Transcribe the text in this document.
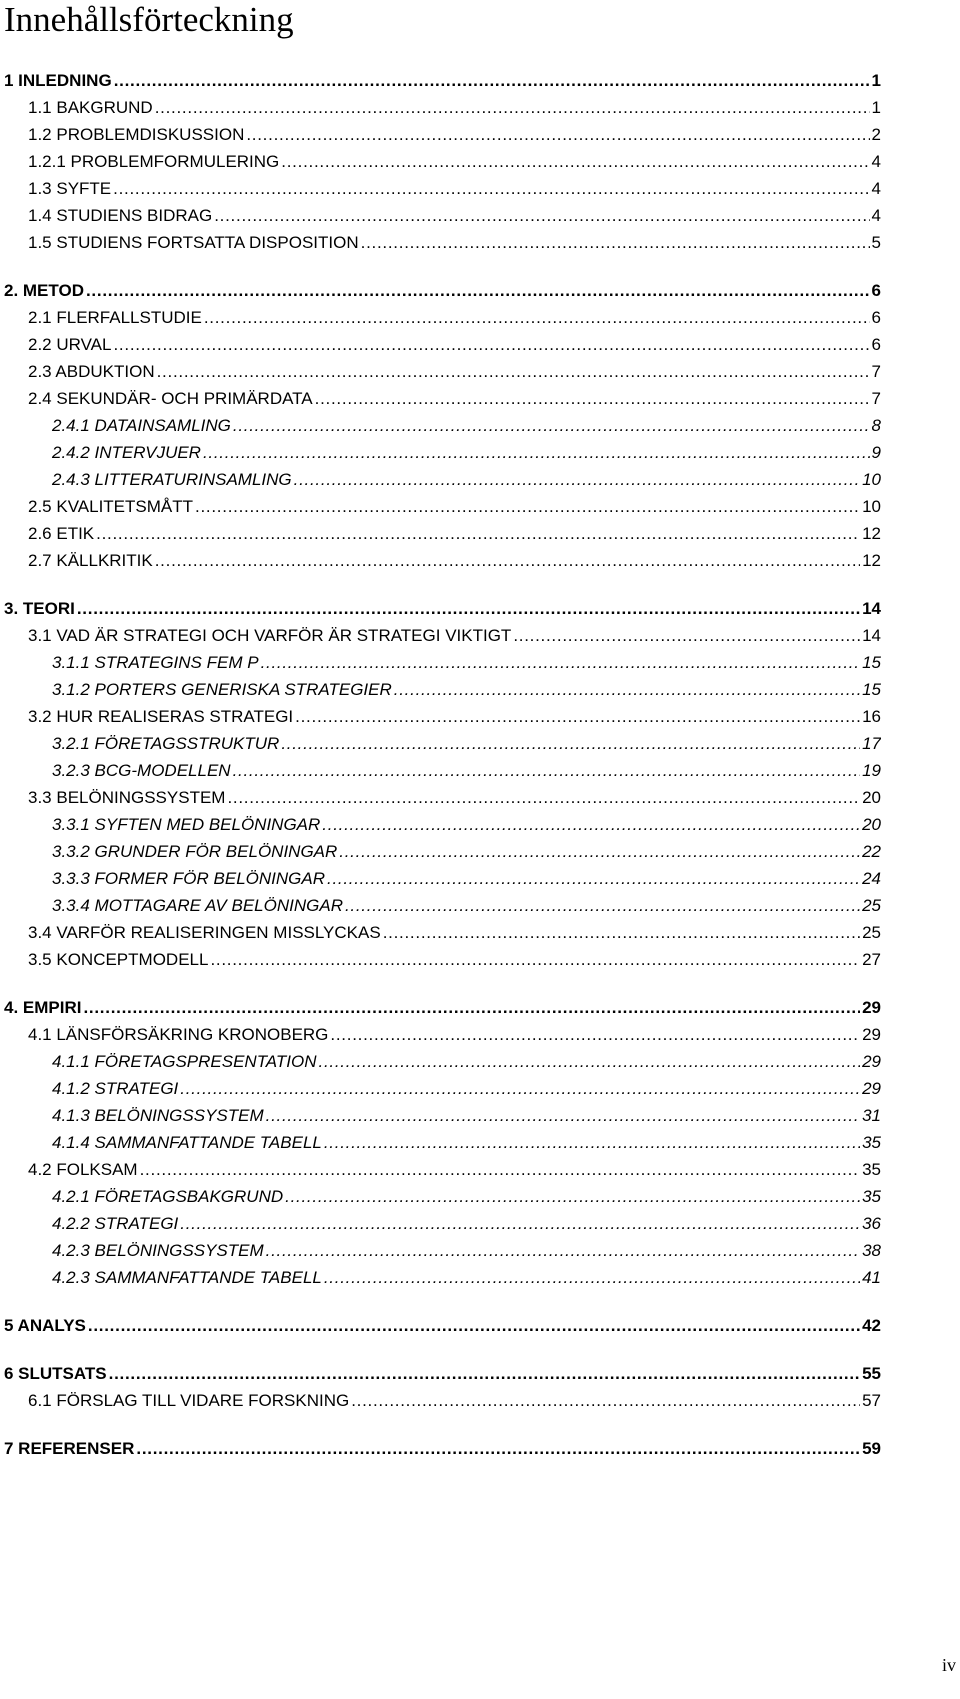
Innehållsförteckning
1 INLEDNING . . .	1
1.1 BAKGRUND . . .	1
1.2 PROBLEMDISKUSSION . . .	2
1.2.1 PROBLEMFORMULERING . . .	4
1.3 SYFTE . . .	4
1.4 STUDIENS BIDRAG . . .	4
1.5 STUDIENS FORTSATTA DISPOSITION . . .	5
2. METOD . . .	6
2.1 FLERFALLSTUDIE . . .	6
2.2 URVAL . . .	6
2.3 ABDUKTION . . .	7
2.4 SEKUNDÄR- OCH PRIMÄRDATA . . .	7
2.4.1 DATAINSAMLING . . .	8
2.4.2 INTERVJUER . . .	9
2.4.3 LITTERATURINSAMLING . . .	10
2.5 KVALITETSMÅTT . . .	10
2.6 ETIK . . .	12
2.7 KÄLLKRITIK . . .	12
3. TEORI . . .	14
3.1 VAD ÄR STRATEGI OCH VARFÖR ÄR STRATEGI VIKTIGT . . .	14
3.1.1 STRATEGINS FEM P . . .	15
3.1.2 PORTERS GENERISKA STRATEGIER . . .	15
3.2 HUR REALISERAS STRATEGI . . .	16
3.2.1 FÖRETAGSSTRUKTUR . . .	17
3.2.3 BCG-MODELLEN . . .	19
3.3 BELÖNINGSSYSTEM . . .	20
3.3.1 SYFTEN MED BELÖNINGAR . . .	20
3.3.2 GRUNDER FÖR BELÖNINGAR . . .	22
3.3.3 FORMER FÖR BELÖNINGAR . . .	24
3.3.4 MOTTAGARE AV BELÖNINGAR . . .	25
3.4 VARFÖR REALISERINGEN MISSLYCKAS . . .	25
3.5 KONCEPTMODELL . . .	27
4. EMPIRI . . .	29
4.1 LÄNSFÖRSÄKRING KRONOBERG . . .	29
4.1.1 FÖRETAGSPRESENTATION . . .	29
4.1.2 STRATEGI . . .	29
4.1.3 BELÖNINGSSYSTEM . . .	31
4.1.4 SAMMANFATTANDE TABELL . . .	35
4.2 FOLKSAM . . .	35
4.2.1 FÖRETAGSBAKGRUND . . .	35
4.2.2 STRATEGI . . .	36
4.2.3 BELÖNINGSSYSTEM . . .	38
4.2.3 SAMMANFATTANDE TABELL . . .	41
5 ANALYS . . .	42
6 SLUTSATS . . .	55
6.1 FÖRSLAG TILL VIDARE FORSKNING . . .	57
7 REFERENSER . . .	59
iv
